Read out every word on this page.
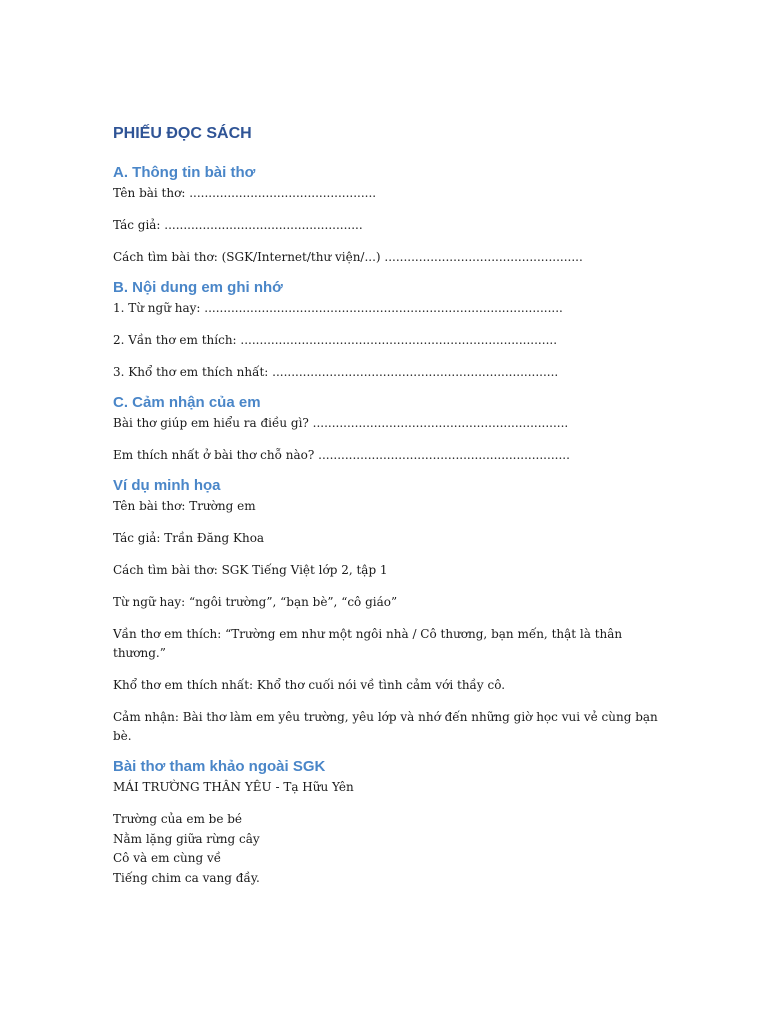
PHIẾU ĐỌC SÁCH
A. Thông tin bài thơ
Tên bài thơ: .................................................
Tác giả: ....................................................
Cách tìm bài thơ: (SGK/Internet/thư viện/...) ....................................................
B. Nội dung em ghi nhớ
1. Từ ngữ hay: ..............................................................................................
2. Vần thơ em thích: ...................................................................................
3. Khổ thơ em thích nhất: ...........................................................................
C. Cảm nhận của em
Bài thơ giúp em hiểu ra điều gì? ...................................................................
Em thích nhất ở bài thơ chỗ nào? ..................................................................
Ví dụ minh họa
Tên bài thơ: Trường em
Tác giả: Trần Đăng Khoa
Cách tìm bài thơ: SGK Tiếng Việt lớp 2, tập 1
Từ ngữ hay: “ngôi trường”, “bạn bè”, “cô giáo”
Vần thơ em thích: “Trường em như một ngôi nhà / Cô thương, bạn mến, thật là thân thương.”
Khổ thơ em thích nhất: Khổ thơ cuối nói về tình cảm với thầy cô.
Cảm nhận: Bài thơ làm em yêu trường, yêu lớp và nhớ đến những giờ học vui vẻ cùng bạn bè.
Bài thơ tham khảo ngoài SGK
MÁI TRƯỜNG THÂN YÊU - Tạ Hữu Yên
Trường của em be bé
Nằm lặng giữa rừng cây
Cô và em cùng về
Tiếng chim ca vang đầy.
